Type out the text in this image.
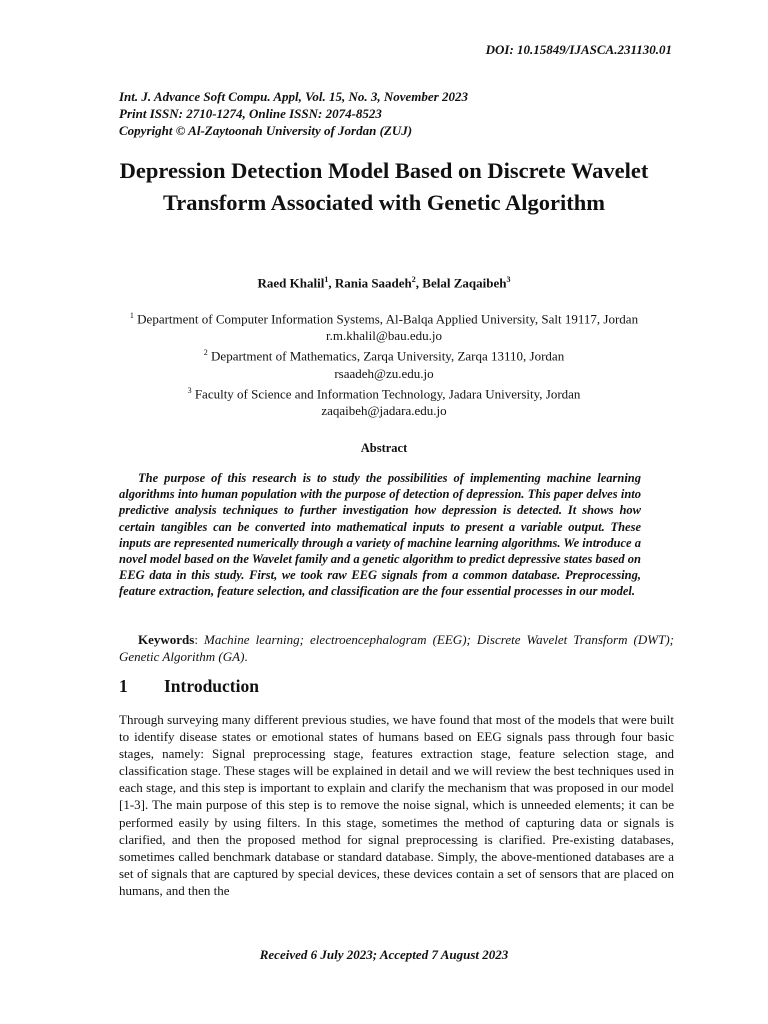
DOI: 10.15849/IJASCA.231130.01
Int. J. Advance Soft Compu. Appl, Vol. 15, No. 3, November 2023
Print ISSN: 2710-1274, Online ISSN: 2074-8523
Copyright © Al-Zaytoonah University of Jordan (ZUJ)
Depression Detection Model Based on Discrete Wavelet Transform Associated with Genetic Algorithm
Raed Khalil$^1$, Rania Saadeh$^2$, Belal Zaqaibeh$^3$
$^1$ Department of Computer Information Systems, Al-Balqa Applied University, Salt 19117, Jordan
r.m.khalil@bau.edu.jo
$^2$ Department of Mathematics, Zarqa University, Zarqa 13110, Jordan
rsaadeh@zu.edu.jo
$^3$ Faculty of Science and Information Technology, Jadara University, Jordan
zaqaibeh@jadara.edu.jo
Abstract
The purpose of this research is to study the possibilities of implementing machine learning algorithms into human population with the purpose of detection of depression. This paper delves into predictive analysis techniques to further investigation how depression is detected. It shows how certain tangibles can be converted into mathematical inputs to present a variable output. These inputs are represented numerically through a variety of machine learning algorithms. We introduce a novel model based on the Wavelet family and a genetic algorithm to predict depressive states based on EEG data in this study. First, we took raw EEG signals from a common database. Preprocessing, feature extraction, feature selection, and classification are the four essential processes in our model.
Keywords: Machine learning; electroencephalogram (EEG); Discrete Wavelet Transform (DWT); Genetic Algorithm (GA).
1 Introduction
Through surveying many different previous studies, we have found that most of the models that were built to identify disease states or emotional states of humans based on EEG signals pass through four basic stages, namely: Signal preprocessing stage, features extraction stage, feature selection stage, and classification stage. These stages will be explained in detail and we will review the best techniques used in each stage, and this step is important to explain and clarify the mechanism that was proposed in our model [1-3]. The main purpose of this step is to remove the noise signal, which is unneeded elements; it can be performed easily by using filters. In this stage, sometimes the method of capturing data or signals is clarified, and then the proposed method for signal preprocessing is clarified. Pre-existing databases, sometimes called benchmark database or standard database. Simply, the above-mentioned databases are a set of signals that are captured by special devices, these devices contain a set of sensors that are placed on humans, and then the
Received 6 July 2023; Accepted 7 August 2023
